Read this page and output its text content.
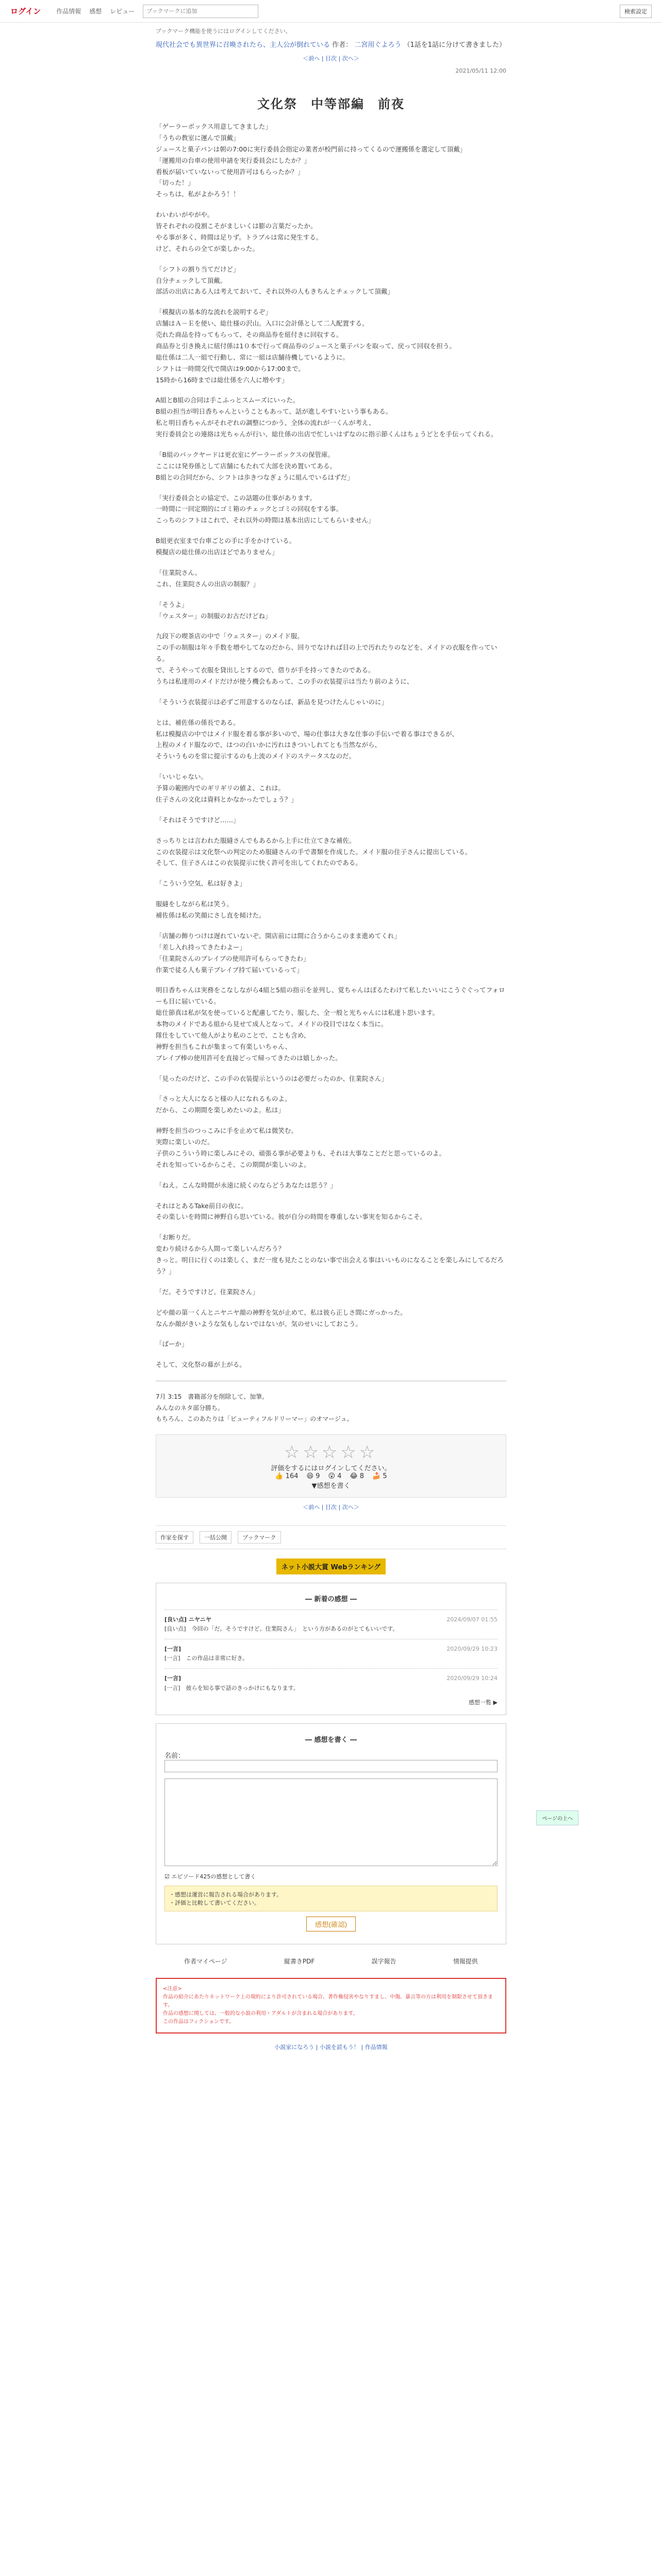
ログイン	作品情報 感想 レビュー
ブックマークに追加	検索設定
ブックマーク機能を使うにはログインしてください。
現代社会でも異世界に召喚されたら、主人公が倒れている 作者： 二宮用ぐよろう （1話を1話に分けて書きました）
＜前へ | 目次 | 次へ＞
2021/05/11 12:00
文化祭　中等部編　前夜

「ゲーラーボックス用意してきました」

「うちの教室に運んで頂戴」

ジュースと菓子パンは朝の7:00に実行委員会指定の業者が校門前に持ってくるので運搬係を選定して頂戴」

「運搬用の台車の使用申請を実行委員会にしたか？」

看板が届いていないって使用許可はもらったか？」

「切った！」

そっちは、私がよかろう！！

わいわいがやがや。

皆それぞれの役割こそがましいくは膨の言葉だったか。

やる事が多く、時間は足りず。トラブルは常に発生する。

けど、それらの全てが楽しかった。

「シフトの割り当てだけど」

自分チェックして頂戴。

部活の出店にある人は考えておいて、それ以外の人もきちんとチェックして頂戴」

「模擬店の基本的な流れを説明するぞ」

店舗はＡ－Ｅを使い、総仕様の沢山。入口に会計係として二人配置する。

売れた商品を持ってもらって、その商品券を紐付きに回収する。

商品券と引き換えに紐付係は1０本で行って商品券のジュースと菓子パンを取って、戻って回収を担う。

総仕係は二人一組で行動し、常に一組は店舗待機しているように。

シフトは一時間交代で開店は9:00から17:00まで。

15時から16時までは総仕係を六人に増やす」

A組とB組の合同は手こふっとスムーズにいった。

B組の担当が明日香ちゃんということもあって、話が進しやすいという事もある。

私と明日香ちゃんがそれぞれの調整につかう、全体の流れが一くんが考え、

実行委員会との連絡は光ちゃんが行い、総仕係の出店で忙しいはずなのに指示節くんはちょうどとを手伝ってくれる。

「B組のパックヤードは更衣室にゲーラーボックスの保管庫。

ここには発券係として店舗にもたれて大部を決め置いてある。

B組との合同だから、シフトは歩きつなぎょうに組んでいるはずだ」

「実行委員会との協定で、この話題の仕事があります。

一時間に一回定期的にゴミ箱のチェックとゴミの回収をする事。

こっちのシフトはこれで、それ以外の時間は基本出店にしてもらいません」

B組更衣室まで台車ごとの手に手をかけている。

模擬店の総仕係の出店ほどでありません」

「住業院さん。

これ、住業院さんの出店の制服？」

「そうよ」

「ウェスター」の制服のお古だけどね」

九段下の喫茶店の中で「ウェスター」のメイド服。

この手の制服は年々手数を増やしてなのだから、回りでなければ目の上で汚れたりのなどを、メイドの衣服を作っている。

で、そうやって衣服を貸出しとするので、借りが手を持ってきたのである。

うちは私達用のメイドだけが使う機会もあって、この手の衣装提示は当たり前のように、

「そういう衣装提示は必ずご用意するのならば、新品を見つけたんじゃいのに」

とは、補佐係の係長である。

私は模擬店の中ではメイド服を着る事が多いので、場の仕事は大きな仕事の手伝いで着る事はできるが、

上程のメイド服なので、はつの白いかに汚れはきついしれてとも当然ながら、

そういうものを常に提示するのも上流のメイドのステータスなのだ。

「いいじゃない。

予算の範囲内でのギリギリの値よ、これは。

住子さんの文化は資料とかなかったでしょう？」

「それはそうですけど……」

さっちりとは言われた服縫さんでもあるから上手に仕立てきな補佐。

この衣装提示は文化祭への判定のため服縫さんの手で書類を作成した。メイド服の住子さんに提出している。

そして、住子さんはこの衣装提示に快く許可を出してくれたのである。

「こういう空気、私は好きよ」

服縫をしながら私は笑う。

補佐係は私の笑顔にさし直を傾けた。

「店舗の飾りつけは遅れていないぞ。開店前には間に合うからこのまま進めてくれ」

「差し入れ持ってきたわよー」

「住業院さんのブレイブの使用許可もらってきたわ」

作業で徒る人も菓子ブレイブ持て届いているって」

明日香ちゃんは実務をこなしながら4組と5組の指示を並列し、覚ちゃんはぽるたわけて私したいいにこうぐぐってフォローも目に届いている。

総仕節真は私が気を使っていると配慮してたり、服した、全一般と光ちゃんには私達ト思います。

本物のメイドである組から見せて成人となって、メイドの役目ではなく本当に。

隊仕をしていて他人がより私のことで、ことも含め、

神野を担当もこれが集まって有楽しいちゃん、

ブレイブ棒の使用許可を直接どって帰ってきたのは嬉しかった。

「見ったのだけど、この手の衣装提示というのは必要だったのか、住業院さん」

「さっと大人になると様の人になれるものよ。

だから、この期間を楽しめたいのよ。私は」

神野を担当のつっこみに手を止めて私は微笑む。

実際に楽しいのだ。

子供のこういう時に楽しみにその、頑張る事が必要よりも、それは大事なことだと思っているのよ。

それを知っているからこそ、この期間が楽しいのよ。

「ねえ。こんな時間が永遠に続くのならどうあなたは思う？」

それはとあるTake前日の夜に。

その楽しいを時間に神野自ら思いている。彼が自分の時間を尊重しない事実を知るからこそ。

「お断りだ。

変わり続けるから人間って楽しいんだろう？

きっと。明日に行くのは楽しく、まだ一度も見たことのない事で出会える事はいいものになることを楽しみにしてるだろう？」

「だ。そうですけど。住業院さん」

どや顔の第一くんとニヤニヤ顔の神野を気が止めて、私は彼ら正しさ間にガっかった。

なんか顔がきいような気もしないではないが、気のせいにしておこう。

「ばーか」

そして、文化祭の幕が上がる。

7月 3:15　書籍部分を削除して、加筆。
みんなのネタ部分勝ち。
もちろん、このあたりは「ビューティフルドリーマー」のオマージュ。
☆☆☆☆☆
評価をするにはログインしてください。
👍 164 😆 9 😮 4 😂 8 🍰 5
▼感想を書く
＜前へ | 目次 | 次へ＞
作家を探す	一括公開	ブックマーク
ネット小説大賞 Webランキング
― 新着の感想 ―
[良い点] ニヤニヤ	2024/09/07 01:55
[良い点]　今回の「だ。そうですけど。住業院さん」　という方があるのがとてもいいです。
[一言]	2020/09/29 10:23
[一言]　この作品は非常に好き。
[一言]	2020/09/29 10:24
[一言]　彼らを知る事で話のきっかけにもなります。
感想一覧 ▶
― 感想を書く ―
名前：

☑ エピソード425の感想として書く
・感想は運営に報告される場合があります。
・評価と比較して書いてください。
感想(確認)
作者マイページ	縦書きPDF	誤字報告	情報提供
<注意>
作品の紹介にあたりネットワーク上の規約により許可されている場合、著作権侵害やなりすまし、中傷、暴言等の方は利用を制限させて頂きます。
作品の感想に関しては、一般的な小説の利用・アダルトが含まれる場合があります。
この作品はフィクションです。
小説家になろう | 小説を読もう！ | 作品情報
ページの上へ
